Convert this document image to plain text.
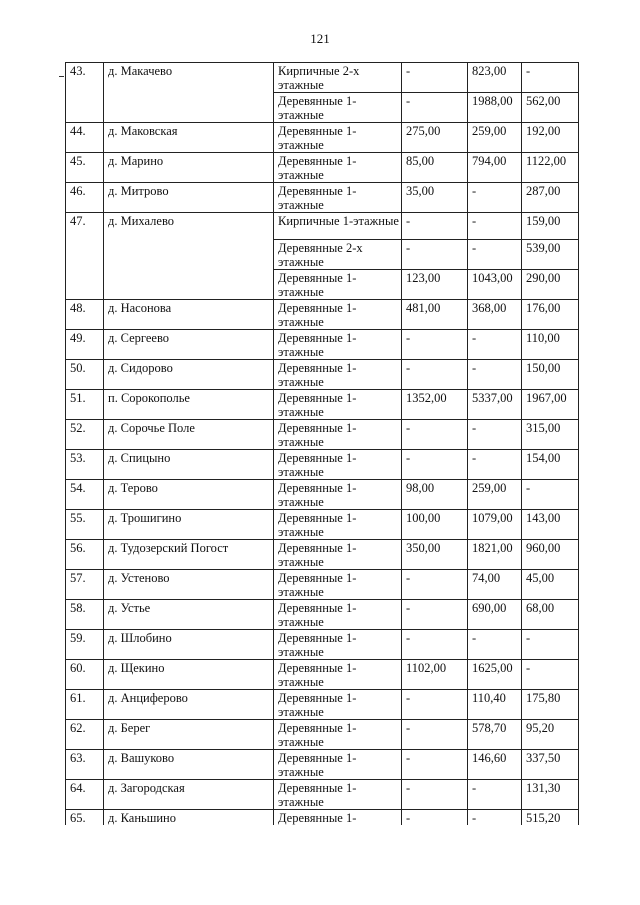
121
43.	д. Макачево	Кирпичные 2-х этажные	-	823,00	-
		Деревянные 1-этажные	-	1988,00	562,00
44.	д. Маковская	Деревянные 1-этажные	275,00	259,00	192,00
45.	д. Марино	Деревянные 1-этажные	85,00	794,00	1122,00
46.	д. Митрово	Деревянные 1-этажные	35,00	-	287,00
47.	д. Михалево	Кирпичные 1-этажные	-	-	159,00
		Деревянные 2-х этажные	-	-	539,00
		Деревянные 1-этажные	123,00	1043,00	290,00
48.	д. Насонова	Деревянные 1-этажные	481,00	368,00	176,00
49.	д. Сергеево	Деревянные 1-этажные	-	-	110,00
50.	д. Сидорово	Деревянные 1-этажные	-	-	150,00
51.	п. Сорокополье	Деревянные 1-этажные	1352,00	5337,00	1967,00
52.	д. Сорочье Поле	Деревянные 1-этажные	-	-	315,00
53.	д. Спицыно	Деревянные 1-этажные	-	-	154,00
54.	д. Терово	Деревянные 1-этажные	98,00	259,00	-
55.	д. Трошигино	Деревянные 1-этажные	100,00	1079,00	143,00
56.	д. Тудозерский Погост	Деревянные 1-этажные	350,00	1821,00	960,00
57.	д. Устеново	Деревянные 1-этажные	-	74,00	45,00
58.	д. Устье	Деревянные 1-этажные	-	690,00	68,00
59.	д. Шлобино	Деревянные 1-этажные	-	-	-
60.	д. Щекино	Деревянные 1-этажные	1102,00	1625,00	-
61.	д. Анциферово	Деревянные 1-этажные	-	110,40	175,80
62.	д. Берег	Деревянные 1-этажные	-	578,70	95,20
63.	д. Вашуково	Деревянные 1-этажные	-	146,60	337,50
64.	д. Загородская	Деревянные 1-этажные	-	-	131,30
65.	д. Каньшино	Деревянные 1-	-	-	515,20
